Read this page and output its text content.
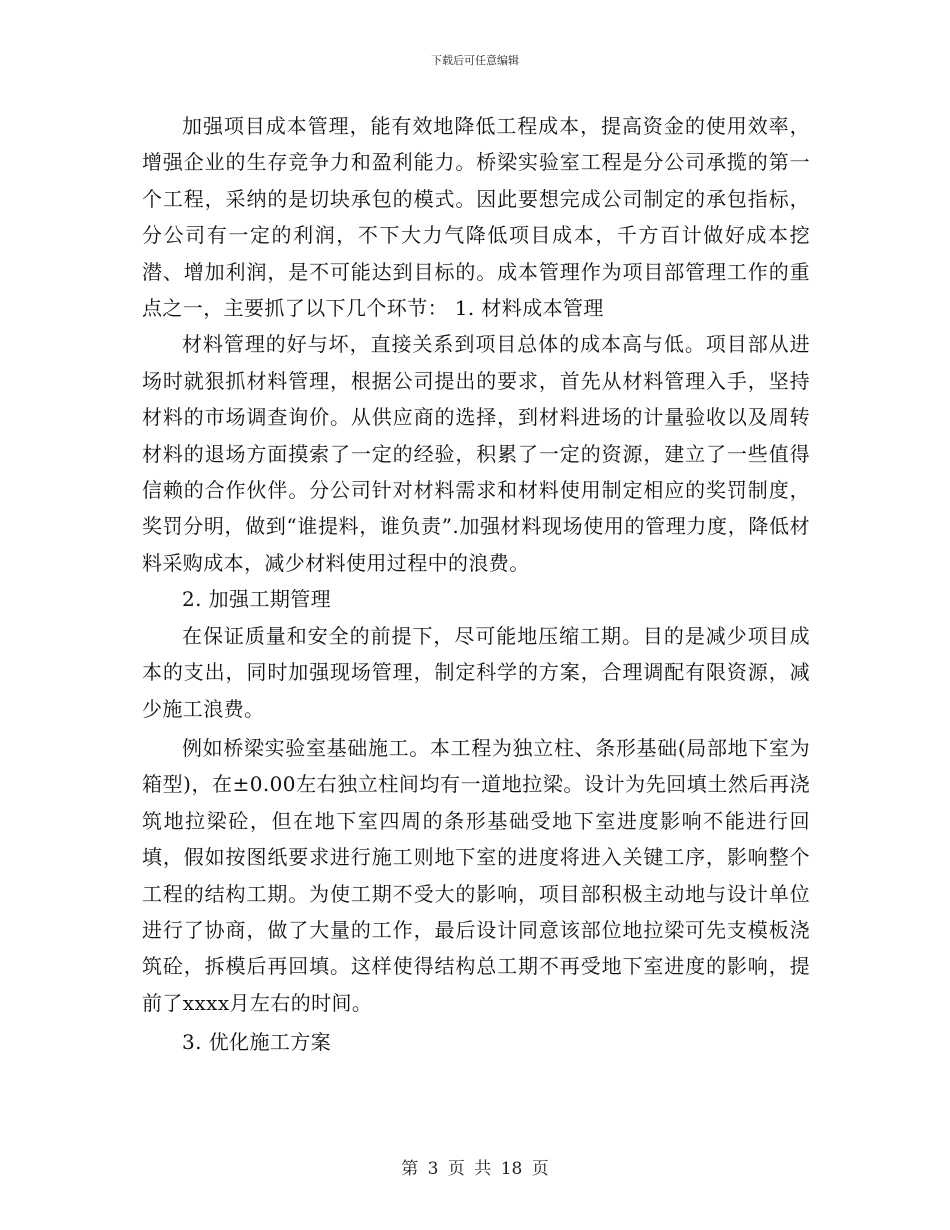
下载后可任意编辑

加强项目成本管理，能有效地降低工程成本，提高资金的使用效率，增强企业的生存竞争力和盈利能力。桥梁实验室工程是分公司承揽的第一个工程，采纳的是切块承包的模式。因此要想完成公司制定的承包指标，分公司有一定的利润，不下大力气降低项目成本，千方百计做好成本挖潜、增加利润，是不可能达到目标的。成本管理作为项目部管理工作的重点之一，主要抓了以下几个环节： 1. 材料成本管理

材料管理的好与坏，直接关系到项目总体的成本高与低。项目部从进场时就狠抓材料管理，根据公司提出的要求，首先从材料管理入手，坚持材料的市场调查询价。从供应商的选择，到材料进场的计量验收以及周转材料的退场方面摸索了一定的经验，积累了一定的资源，建立了一些值得信赖的合作伙伴。分公司针对材料需求和材料使用制定相应的奖罚制度，奖罚分明，做到“谁提料，谁负责”.加强材料现场使用的管理力度，降低材料采购成本，减少材料使用过程中的浪费。

2. 加强工期管理

在保证质量和安全的前提下，尽可能地压缩工期。目的是减少项目成本的支出，同时加强现场管理，制定科学的方案，合理调配有限资源，减少施工浪费。

例如桥梁实验室基础施工。本工程为独立柱、条形基础(局部地下室为箱型)，在±0.00左右独立柱间均有一道地拉梁。设计为先回填土然后再浇筑地拉梁砼，但在地下室四周的条形基础受地下室进度影响不能进行回填，假如按图纸要求进行施工则地下室的进度将进入关键工序，影响整个工程的结构工期。为使工期不受大的影响，项目部积极主动地与设计单位进行了协商，做了大量的工作，最后设计同意该部位地拉梁可先支模板浇筑砼，拆模后再回填。这样使得结构总工期不再受地下室进度的影响，提前了xxxx月左右的时间。

3. 优化施工方案

第 3 页 共 18 页
